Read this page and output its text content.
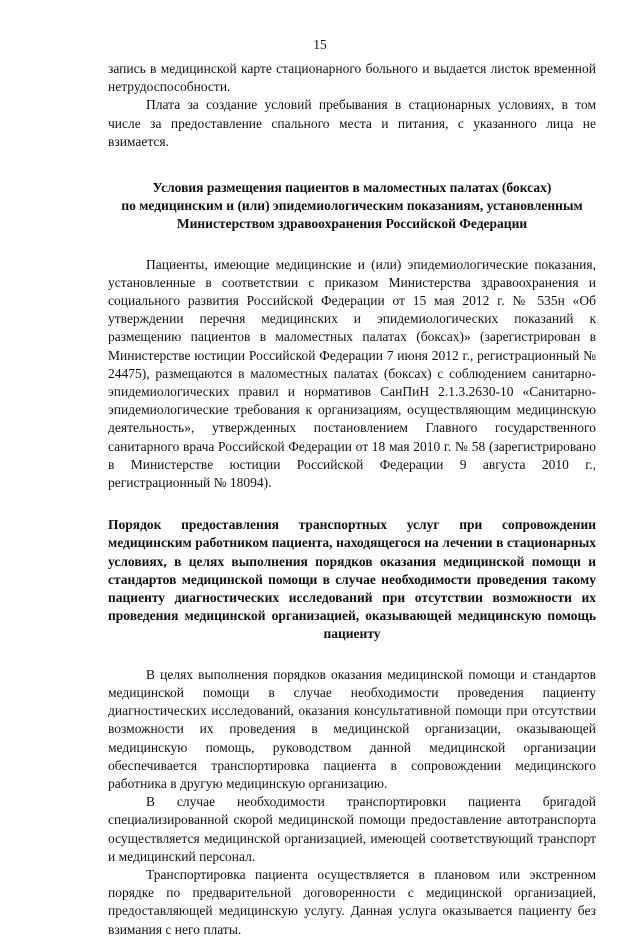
15

запись в медицинской карте стационарного больного и выдается листок временной нетрудоспособности.

Плата за создание условий пребывания в стационарных условиях, в том числе за предоставление спального места и питания, с указанного лица не взимается.

Условия размещения пациентов в маломестных палатах (боксах)
по медицинским и (или) эпидемиологическим показаниям, установленным
Министерством здравоохранения Российской Федерации

Пациенты, имеющие медицинские и (или) эпидемиологические показания, установленные в соответствии с приказом Министерства здравоохранения и социального развития Российской Федерации от 15 мая 2012 г. № 535н «Об утверждении перечня медицинских и эпидемиологических показаний к размещению пациентов в маломестных палатах (боксах)» (зарегистрирован в Министерстве юстиции Российской Федерации 7 июня 2012 г., регистрационный № 24475), размещаются в маломестных палатах (боксах) с соблюдением санитарно-эпидемиологических правил и нормативов СанПиН 2.1.3.2630-10 «Санитарно-эпидемиологические требования к организациям, осуществляющим медицинскую деятельность», утвержденных постановлением Главного государственного санитарного врача Российской Федерации от 18 мая 2010 г. № 58 (зарегистрировано в Министерстве юстиции Российской Федерации 9 августа 2010 г., регистрационный № 18094).

Порядок предоставления транспортных услуг при сопровождении медицинским работником пациента, находящегося на лечении в стационарных условиях, в целях выполнения порядков оказания медицинской помощи и стандартов медицинской помощи в случае необходимости проведения такому пациенту диагностических исследований при отсутствии возможности их проведения медицинской организацией, оказывающей медицинскую помощь пациенту

В целях выполнения порядков оказания медицинской помощи и стандартов медицинской помощи в случае необходимости проведения пациенту диагностических исследований, оказания консультативной помощи при отсутствии возможности их проведения в медицинской организации, оказывающей медицинскую помощь, руководством данной медицинской организации обеспечивается транспортировка пациента в сопровождении медицинского работника в другую медицинскую организацию.

В случае необходимости транспортировки пациента бригадой специализированной скорой медицинской помощи предоставление автотранспорта осуществляется медицинской организацией, имеющей соответствующий транспорт и медицинский персонал.

Транспортировка пациента осуществляется в плановом или экстренном порядке по предварительной договоренности с медицинской организацией, предоставляющей медицинскую услугу. Данная услуга оказывается пациенту без взимания с него платы.
